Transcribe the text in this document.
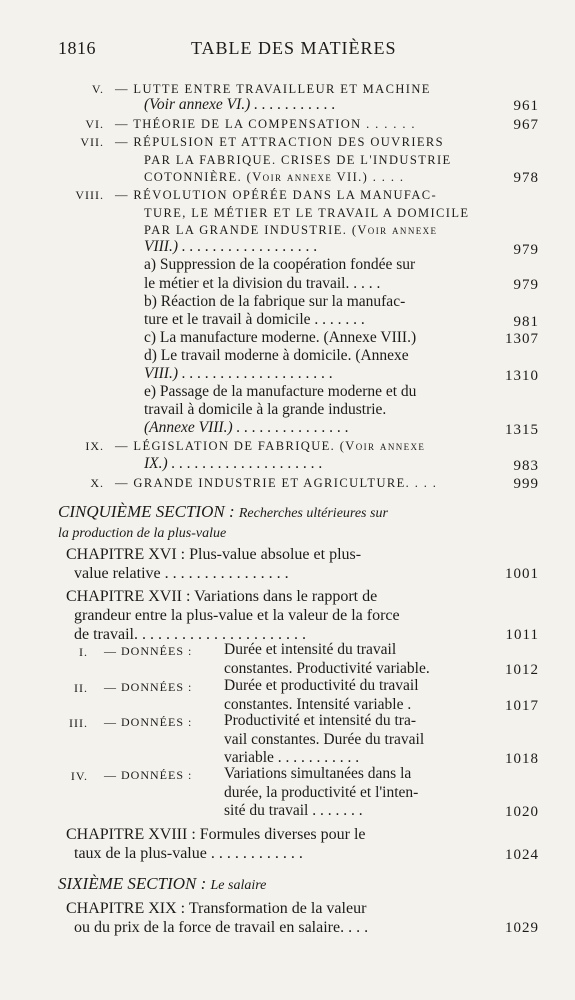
1816	TABLE DES MATIÈRES
V. — LUTTE ENTRE TRAVAILLEUR ET MACHINE
(Voir annexe VI.) . . . . . . . . . . .	961
VI. — THÉORIE DE LA COMPENSATION . . . . . .	967
VII. — RÉPULSION ET ATTRACTION DES OUVRIERS
PAR LA FABRIQUE. CRISES DE L'INDUSTRIE
COTONNIÈRE. (Voir annexe VII.) . . . .	978
VIII. — RÉVOLUTION OPÉRÉE DANS LA MANUFAC-
TURE, LE MÉTIER ET LE TRAVAIL A DOMICILE
PAR LA GRANDE INDUSTRIE. (Voir annexe
VIII.) . . . . . . . . . . . . . . . . . .	979
a) Suppression de la coopération fondée sur
le métier et la division du travail. . . . .	979
b) Réaction de la fabrique sur la manufac-
ture et le travail à domicile . . . . . . .	981
c) La manufacture moderne. (Annexe VIII.)	1307
d) Le travail moderne à domicile. (Annexe
VIII.) . . . . . . . . . . . . . . . . . . . .	1310
e) Passage de la manufacture moderne et du
travail à domicile à la grande industrie.
(Annexe VIII.) . . . . . . . . . . . . . . .	1315
IX. — LÉGISLATION DE FABRIQUE. (Voir annexe
IX.) . . . . . . . . . . . . . . . . . . . .	983
X. — GRANDE INDUSTRIE ET AGRICULTURE. . . .	999
CINQUIÈME SECTION : Recherches ultérieures sur
la production de la plus-value
CHAPITRE XVI : Plus-value absolue et plus-
value relative . . . . . . . . . . . . . . . .	1001
CHAPITRE XVII : Variations dans le rapport de
grandeur entre la plus-value et la valeur de la force
de travail. . . . . . . . . . . . . . . . . . . . . .	1011
I. — DONNÉES : Durée et intensité du travail
constantes. Productivité variable.	1012
II. — DONNÉES : Durée et productivité du travail
constantes. Intensité variable .	1017
III. — DONNÉES : Productivité et intensité du tra-
vail constantes. Durée du travail
variable . . . . . . . . . . .	1018
IV. — DONNÉES : Variations simultanées dans la
durée, la productivité et l'inten-
sité du travail . . . . . . .	1020
CHAPITRE XVIII : Formules diverses pour le
taux de la plus-value . . . . . . . . . . . .	1024
SIXIÈME SECTION : Le salaire
CHAPITRE XIX : Transformation de la valeur
ou du prix de la force de travail en salaire. . . .	1029
